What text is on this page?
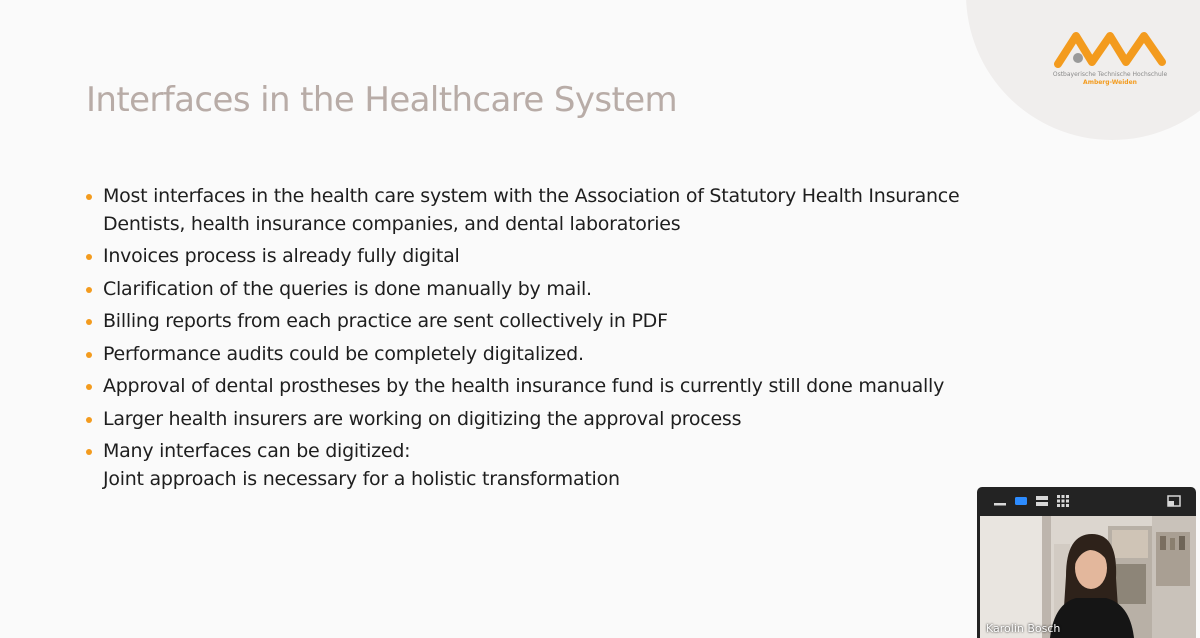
Ostbayerische Technische Hochschule
Amberg-Weiden
Interfaces in the Healthcare System
Most interfaces in the health care system with the Association of Statutory Health Insurance Dentists, health insurance companies, and dental laboratories
Invoices process is already fully digital
Clarification of the queries is done manually by mail.
Billing reports from each practice are sent collectively in PDF
Performance audits could be completely digitalized.
Approval of dental prostheses by the health insurance fund is currently still done manually
Larger health insurers are working on digitizing the approval process
Many interfaces can be digitized:
Joint approach is necessary for a holistic transformation
Karolin Bosch
